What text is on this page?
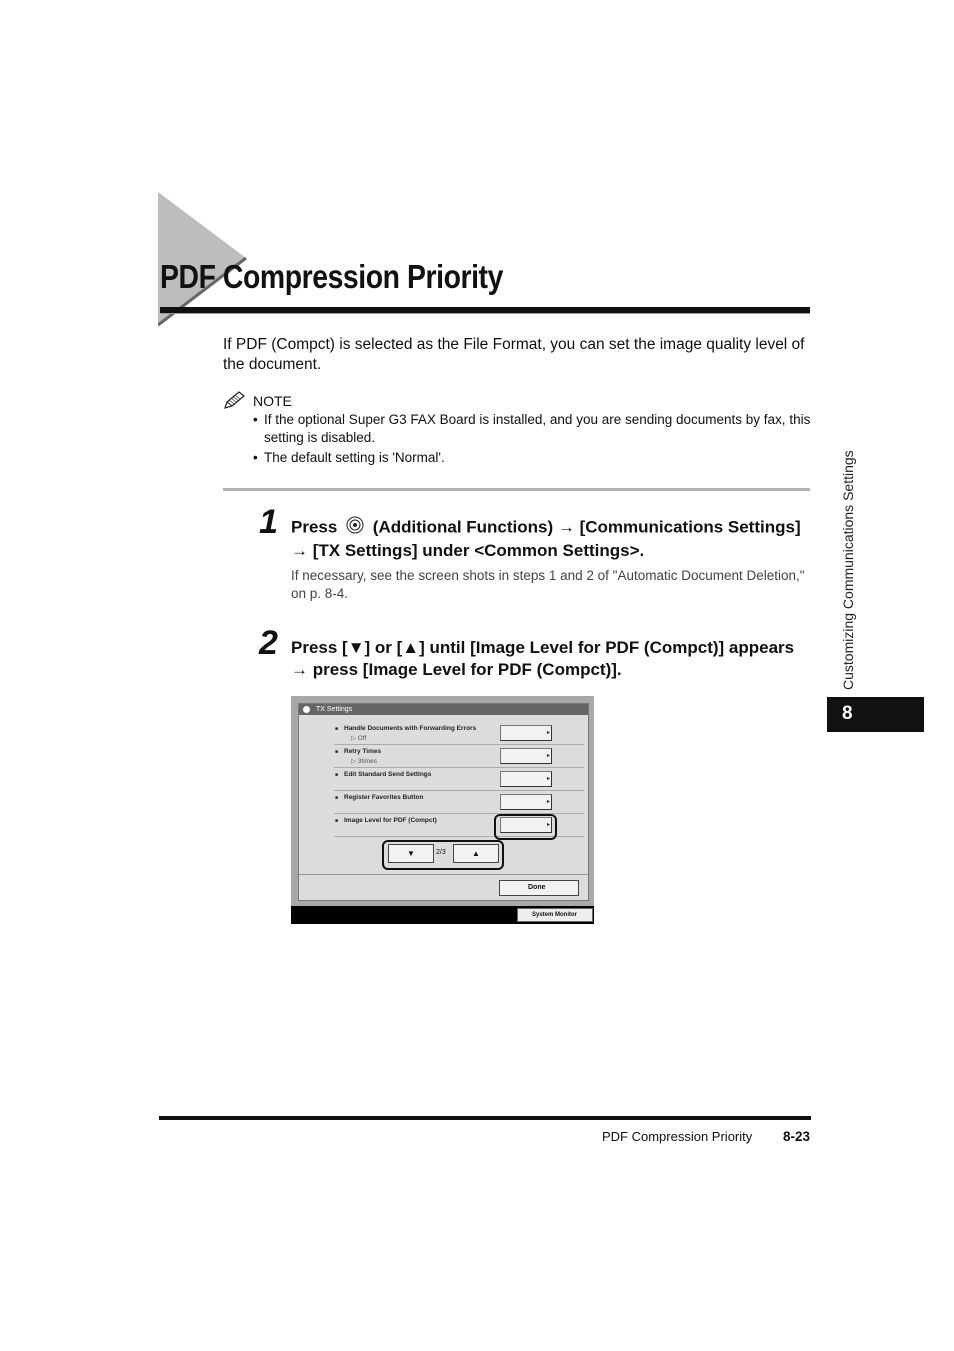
PDF Compression Priority
If PDF (Compct) is selected as the File Format, you can set the image quality level of the document.
NOTE
• If the optional Super G3 FAX Board is installed, and you are sending documents by fax, this setting is disabled.
• The default setting is 'Normal'.
1 Press (Additional Functions) → [Communications Settings] → [TX Settings] under <Common Settings>.
If necessary, see the screen shots in steps 1 and 2 of "Automatic Document Deletion," on p. 8-4.
2 Press [▼] or [▲] until [Image Level for PDF (Compct)] appears → press [Image Level for PDF (Compct)].
TX Settings
■ Handle Documents with Forwarding Errors
▷ Off
▸
■ Retry Times
▷ 3times
▸
■ Edit Standard Send Settings
▸
■ Register Favorites Button
▸
■ Image Level for PDF (Compct)
▸
▼	2/3	▲
Done
System Monitor
Customizing Communications Settings
8
PDF Compression Priority 8-23
